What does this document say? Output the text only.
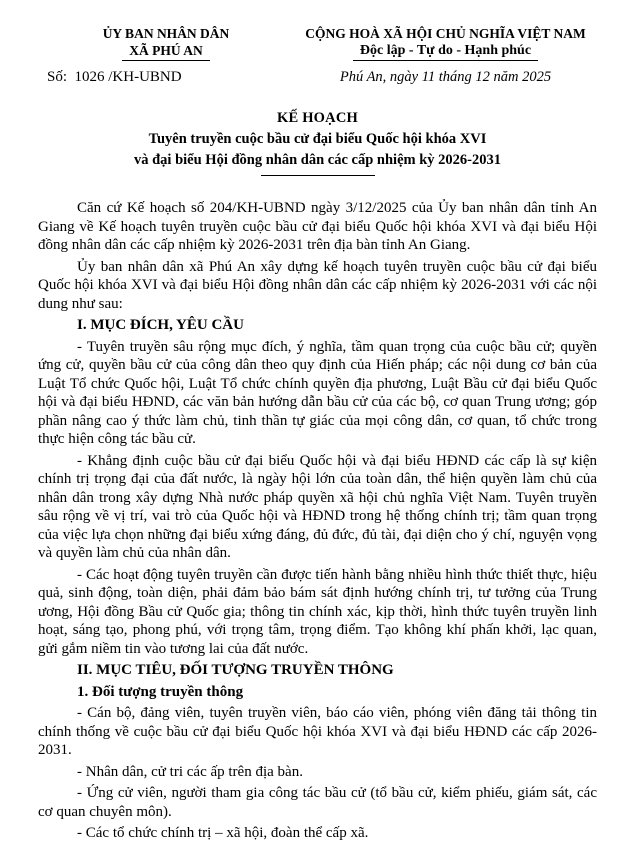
ỦY BAN NHÂN DÂN
XÃ PHÚ AN
Số:  1026 /KH-UBND
CỘNG HOÀ XÃ HỘI CHỦ NGHĨA VIỆT NAM
Độc lập - Tự do - Hạnh phúc
Phú An, ngày 11 tháng 12 năm 2025
KẾ HOẠCH
Tuyên truyền cuộc bầu cử đại biểu Quốc hội khóa XVI
và đại biểu Hội đồng nhân dân các cấp nhiệm kỳ 2026-2031

Căn cứ Kế hoạch số 204/KH-UBND ngày 3/12/2025 của Ủy ban nhân dân tỉnh An Giang về Kế hoạch tuyên truyền cuộc bầu cử đại biểu Quốc hội khóa XVI và đại biểu Hội đồng nhân dân các cấp nhiệm kỳ 2026-2031 trên địa bàn tỉnh An Giang.

Ủy ban nhân dân xã Phú An xây dựng kế hoạch tuyên truyền cuộc bầu cử đại biểu Quốc hội khóa XVI và đại biểu Hội đồng nhân dân các cấp nhiệm kỳ 2026-2031 với các nội dung như sau:

I. MỤC ĐÍCH, YÊU CẦU

- Tuyên truyền sâu rộng mục đích, ý nghĩa, tầm quan trọng của cuộc bầu cử; quyền ứng cử, quyền bầu cử của công dân theo quy định của Hiến pháp; các nội dung cơ bản của Luật Tổ chức Quốc hội, Luật Tổ chức chính quyền địa phương, Luật Bầu cử đại biểu Quốc hội và đại biểu HĐND, các văn bản hướng dẫn bầu cử của các bộ, cơ quan Trung ương; góp phần nâng cao ý thức làm chủ, tinh thần tự giác của mọi công dân, cơ quan, tổ chức trong thực hiện công tác bầu cử.

- Khẳng định cuộc bầu cử đại biểu Quốc hội và đại biểu HĐND các cấp là sự kiện chính trị trọng đại của đất nước, là ngày hội lớn của toàn dân, thể hiện quyền làm chủ của nhân dân trong xây dựng Nhà nước pháp quyền xã hội chủ nghĩa Việt Nam. Tuyên truyền sâu rộng về vị trí, vai trò của Quốc hội và HĐND trong hệ thống chính trị; tầm quan trọng của việc lựa chọn những đại biểu xứng đáng, đủ đức, đủ tài, đại diện cho ý chí, nguyện vọng và quyền làm chủ của nhân dân.

- Các hoạt động tuyên truyền cần được tiến hành bằng nhiều hình thức thiết thực, hiệu quả, sinh động, toàn diện, phải đảm bảo bám sát định hướng chính trị, tư tưởng của Trung ương, Hội đồng Bầu cử Quốc gia; thông tin chính xác, kịp thời, hình thức tuyên truyền linh hoạt, sáng tạo, phong phú, với trọng tâm, trọng điểm. Tạo không khí phấn khởi, lạc quan, gửi gắm niềm tin vào tương lai của đất nước.

II. MỤC TIÊU, ĐỐI TƯỢNG TRUYỀN THÔNG

1. Đối tượng truyền thông

- Cán bộ, đảng viên, tuyên truyền viên, báo cáo viên, phóng viên đăng tải thông tin chính thống về cuộc bầu cử đại biểu Quốc hội khóa XVI và đại biểu HĐND các cấp 2026-2031.

- Nhân dân, cử tri các ấp trên địa bàn.

- Ứng cử viên, người tham gia công tác bầu cử (tổ bầu cử, kiểm phiếu, giám sát, các cơ quan chuyên môn).

- Các tổ chức chính trị – xã hội, đoàn thể cấp xã.
